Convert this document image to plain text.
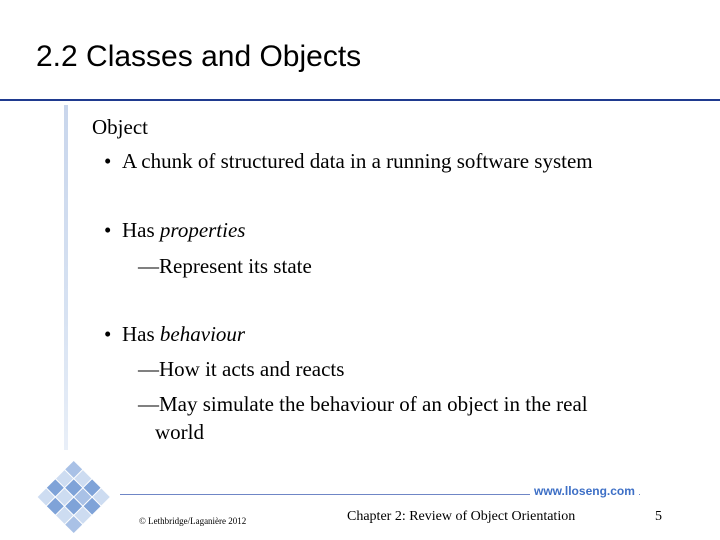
2.2 Classes and Objects
Object
• A chunk of structured data in a running software system
• Has properties
—Represent its state
• Has behaviour
—How it acts and reacts
—May simulate the behaviour of an object in the real
world
www.lloseng.com
© Lethbridge/Laganière 2012	Chapter 2: Review of Object Orientation	5
